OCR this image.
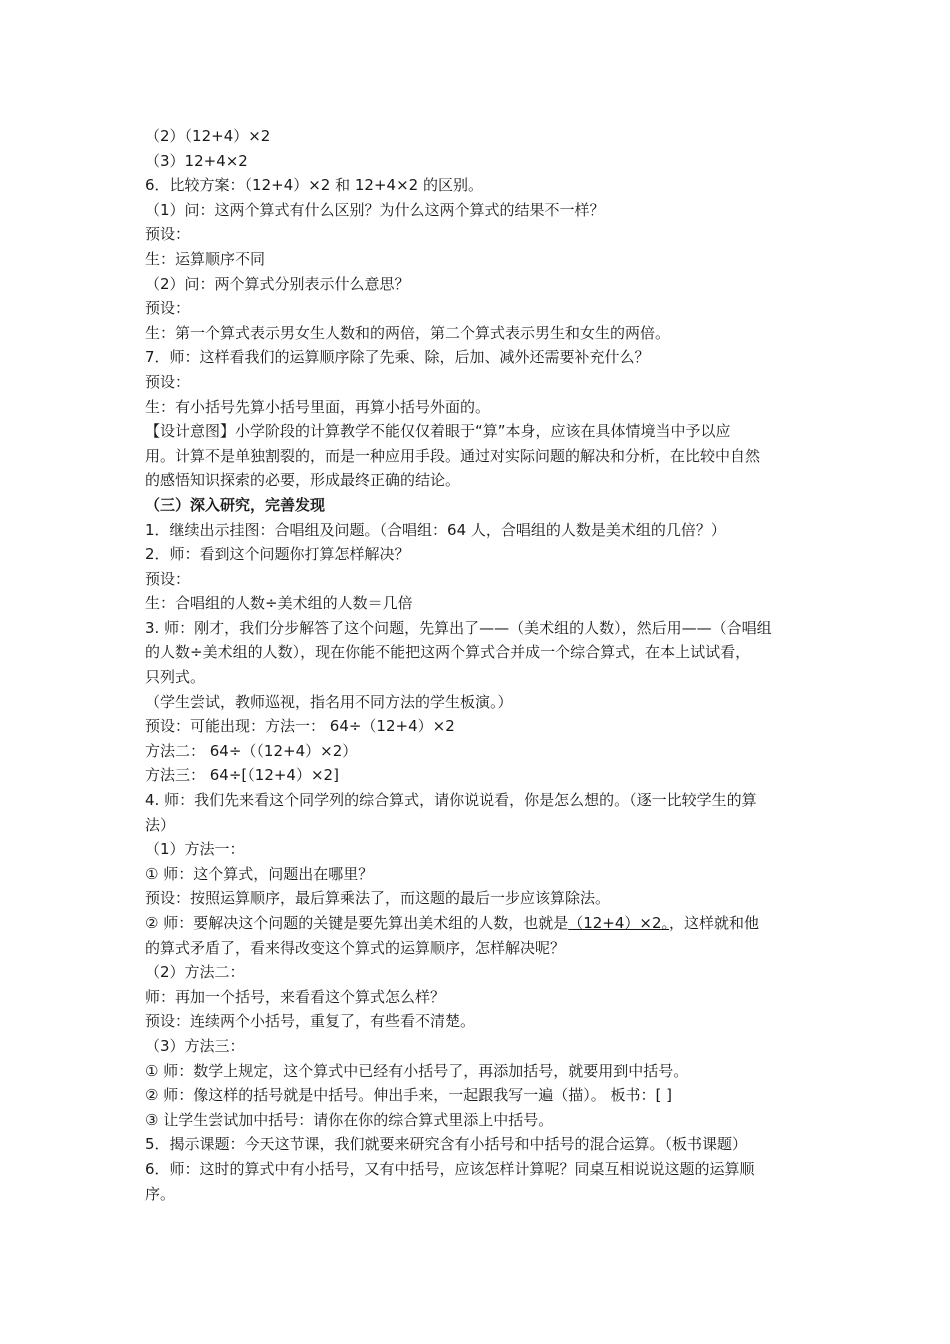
（2）（12+4）×2
（3）12+4×2
6．比较方案：（12+4）×2 和 12+4×2 的区别。
（1）问：这两个算式有什么区别？为什么这两个算式的结果不一样？
预设：
生：运算顺序不同
（2）问：两个算式分别表示什么意思？
预设：
生：第一个算式表示男女生人数和的两倍，第二个算式表示男生和女生的两倍。
7．师：这样看我们的运算顺序除了先乘、除，后加、减外还需要补充什么？
预设：
生：有小括号先算小括号里面，再算小括号外面的。
【设计意图】小学阶段的计算教学不能仅仅着眼于“算”本身，应该在具体情境当中予以应
用。计算不是单独割裂的，而是一种应用手段。通过对实际问题的解决和分析，在比较中自然
的感悟知识探索的必要，形成最终正确的结论。
（三）深入研究，完善发现
1．继续出示挂图：合唱组及问题。（合唱组：64 人，合唱组的人数是美术组的几倍？）
2．师：看到这个问题你打算怎样解决？
预设：
生：合唱组的人数÷美术组的人数＝几倍
3. 师：刚才，我们分步解答了这个问题，先算出了——（美术组的人数），然后用——（合唱组
的人数÷美术组的人数），现在你能不能把这两个算式合并成一个综合算式，在本上试试看，
只列式。
（学生尝试，教师巡视，指名用不同方法的学生板演。）
预设：可能出现：方法一： 64÷（12+4）×2
方法二： 64÷（（12+4）×2）
方法三： 64÷[（12+4）×2]
4. 师：我们先来看这个同学列的综合算式，请你说说看，你是怎么想的。（逐一比较学生的算
法）
（1）方法一：
① 师：这个算式，问题出在哪里？
预设：按照运算顺序，最后算乘法了，而这题的最后一步应该算除法。
② 师：要解决这个问题的关键是要先算出美术组的人数，也就是（12+4）×2。，这样就和他
的算式矛盾了，看来得改变这个算式的运算顺序，怎样解决呢？
（2）方法二：
师：再加一个括号，来看看这个算式怎么样？
预设：连续两个小括号，重复了，有些看不清楚。
（3）方法三：
① 师：数学上规定，这个算式中已经有小括号了，再添加括号，就要用到中括号。
② 师：像这样的括号就是中括号。伸出手来，一起跟我写一遍（描）。 板书：[ ]
③ 让学生尝试加中括号：请你在你的综合算式里添上中括号。
5．揭示课题：今天这节课，我们就要来研究含有小括号和中括号的混合运算。（板书课题）
6．师：这时的算式中有小括号，又有中括号，应该怎样计算呢？同桌互相说说这题的运算顺
序。
